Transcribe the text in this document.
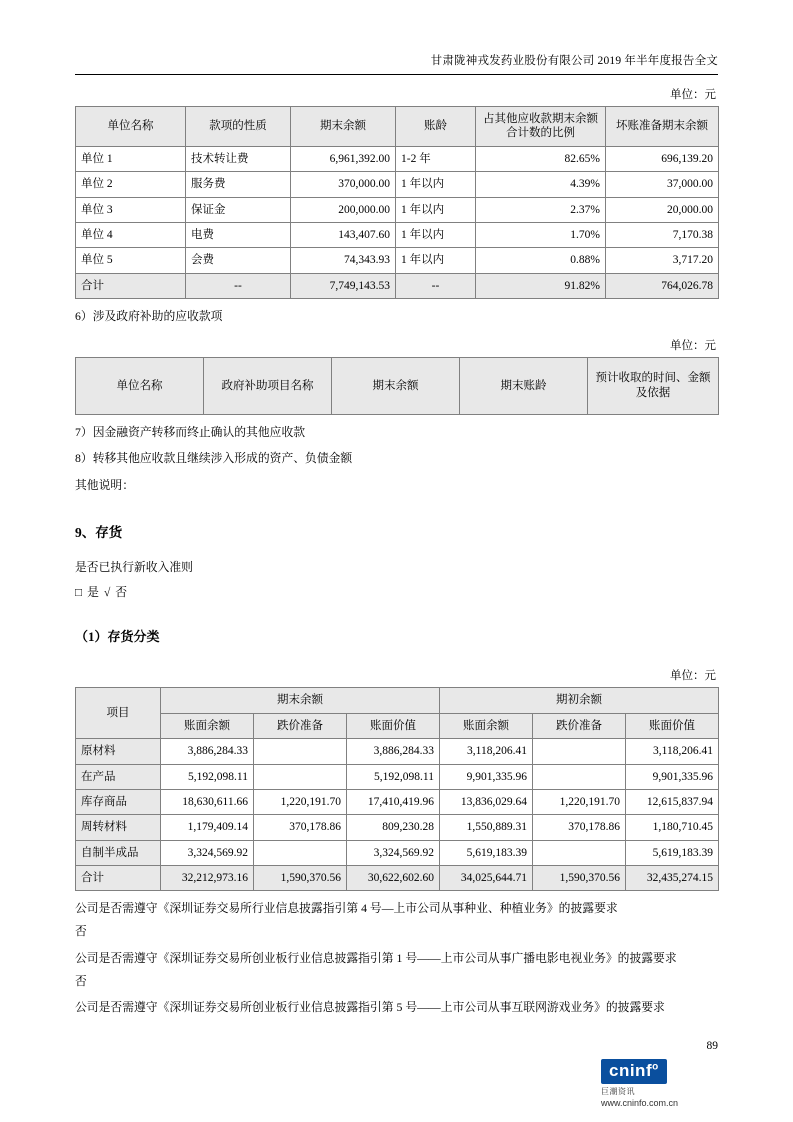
甘肃陇神戎发药业股份有限公司 2019 年半年度报告全文
单位：元
单位名称	款项的性质	期末余额	账龄	占其他应收款期末余额合计数的比例	坏账准备期末余额
单位 1	技术转让费	6,961,392.00	1-2 年	82.65%	696,139.20
单位 2	服务费	370,000.00	1 年以内	4.39%	37,000.00
单位 3	保证金	200,000.00	1 年以内	2.37%	20,000.00
单位 4	电费	143,407.60	1 年以内	1.70%	7,170.38
单位 5	会费	74,343.93	1 年以内	0.88%	3,717.20
合计	--	7,749,143.53	--	91.82%	764,026.78
6）涉及政府补助的应收款项
单位：元
单位名称	政府补助项目名称	期末余额	期末账龄	预计收取的时间、金额及依据
7）因金融资产转移而终止确认的其他应收款
8）转移其他应收款且继续涉入形成的资产、负债金额
其他说明：
9、存货
是否已执行新收入准则
□ 是 √ 否
（1）存货分类
单位：元
项目	期末余额			期初余额		
	账面余额	跌价准备	账面价值	账面余额	跌价准备	账面价值
原材料	3,886,284.33		3,886,284.33	3,118,206.41		3,118,206.41
在产品	5,192,098.11		5,192,098.11	9,901,335.96		9,901,335.96
库存商品	18,630,611.66	1,220,191.70	17,410,419.96	13,836,029.64	1,220,191.70	12,615,837.94
周转材料	1,179,409.14	370,178.86	809,230.28	1,550,889.31	370,178.86	1,180,710.45
自制半成品	3,324,569.92		3,324,569.92	5,619,183.39		5,619,183.39
合计	32,212,973.16	1,590,370.56	30,622,602.60	34,025,644.71	1,590,370.56	32,435,274.15
公司是否需遵守《深圳证券交易所行业信息披露指引第 4 号—上市公司从事种业、种植业务》的披露要求
否
公司是否需遵守《深圳证券交易所创业板行业信息披露指引第 1 号——上市公司从事广播电影电视业务》的披露要求
否
公司是否需遵守《深圳证券交易所创业板行业信息披露指引第 5 号——上市公司从事互联网游戏业务》的披露要求
89
cninf$^o$
巨潮资讯
www.cninfo.com.cn
